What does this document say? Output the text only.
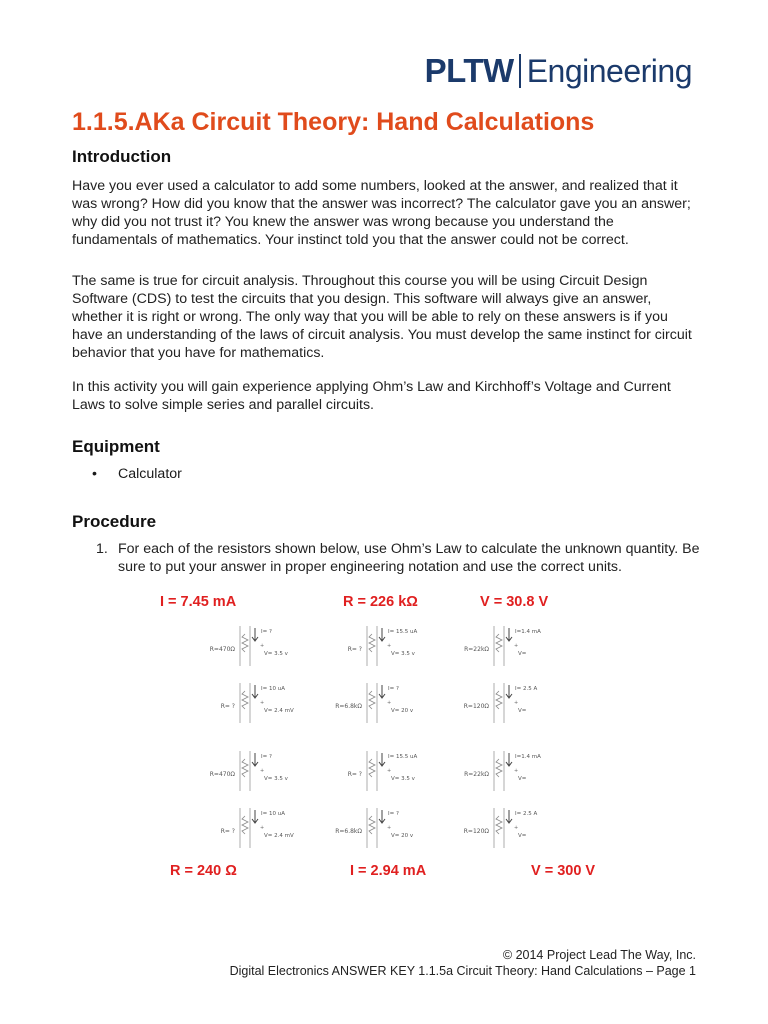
PLTW Engineering
1.1.5.AKa Circuit Theory: Hand Calculations
Introduction

Have you ever used a calculator to add some numbers, looked at the answer, and realized that it was wrong? How did you know that the answer was incorrect? The calculator gave you an answer; why did you not trust it? You knew the answer was wrong because you understand the fundamentals of mathematics. Your instinct told you that the answer could not be correct.

The same is true for circuit analysis. Throughout this course you will be using Circuit Design Software (CDS) to test the circuits that you design. This software will always give an answer, whether it is right or wrong. The only way that you will be able to rely on these answers is if you have an understanding of the laws of circuit analysis. You must develop the same instinct for circuit behavior that you have for mathematics.

In this activity you will gain experience applying Ohm’s Law and Kirchhoff’s Voltage and Current Laws to solve simple series and parallel circuits.

Equipment
•	Calculator
Procedure
1. For each of the resistors shown below, use Ohm’s Law to calculate the unknown quantity. Be sure to put your answer in proper engineering notation and use the correct units.
I = 7.45 mA	R = 226 kΩ	V = 30.8 V
+
R=470Ω
I= ?
V= 3.5 v
+
R= ?
I= 15.5 uA
V= 3.5 v
+
R=22kΩ
I=1.4 mA
V=
+
R= ?
I= 10 uA
V= 2.4 mV
+
R=6.8kΩ
I= ?
V= 20 v
+
R=120Ω
I= 2.5 A
V=
+
R=470Ω
I= ?
V= 3.5 v
+
R= ?
I= 15.5 uA
V= 3.5 v
+
R=22kΩ
I=1.4 mA
V=
+
R= ?
I= 10 uA
V= 2.4 mV
+
R=6.8kΩ
I= ?
V= 20 v
+
R=120Ω
I= 2.5 A
V=
R = 240 Ω	I = 2.94 mA	V = 300 V
© 2014 Project Lead The Way, Inc.
Digital Electronics ANSWER KEY 1.1.5a Circuit Theory: Hand Calculations – Page 1
